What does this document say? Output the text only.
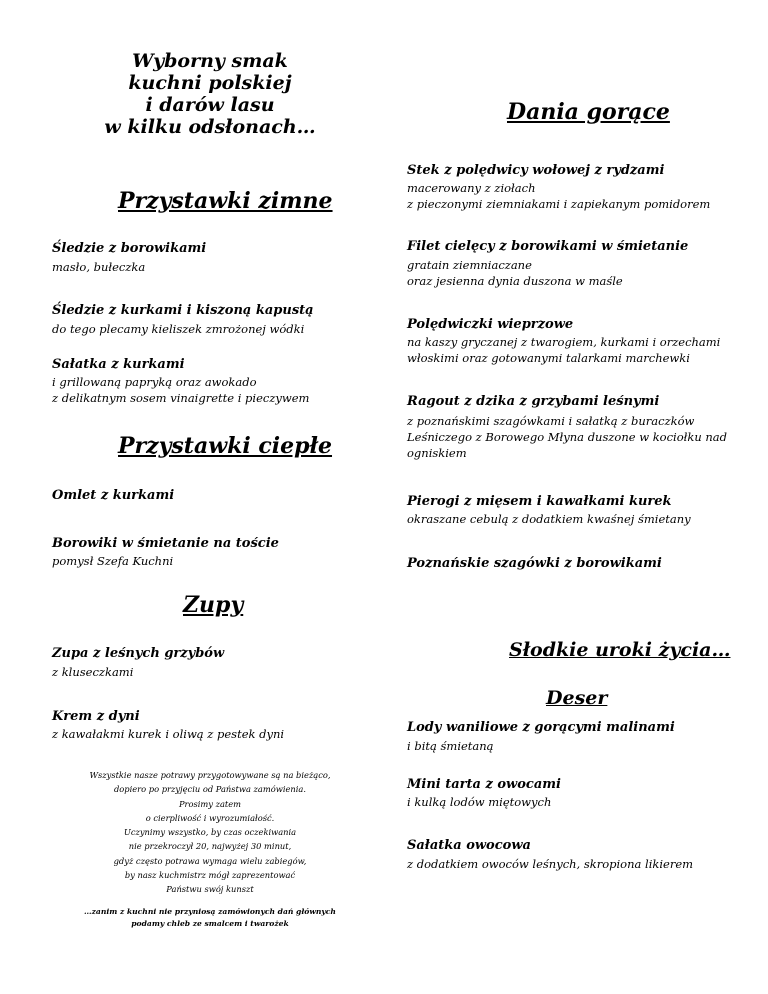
Wyborny smak
kuchni polskiej
i darów lasu
w kilku odsłonach…
Przystawki zimne
Śledzie z borowikami
masło, bułeczka
Śledzie z kurkami i kiszoną kapustą
do tego plecamy kieliszek zmrożonej wódki
Sałatka z kurkami
i grillowaną papryką oraz awokado
z delikatnym sosem vinaigrette i pieczywem
Przystawki ciepłe
Omlet z kurkami
Borowiki w śmietanie na toście
pomysł Szefa Kuchni
Zupy
Zupa z leśnych grzybów
z kluseczkami
Krem z dyni
z kawałakmi kurek i oliwą z pestek dyni
Wszystkie nasze potrawy przygotowywane są na bieżąco,
dopiero po przyjęciu od Państwa zamówienia.
Prosimy zatem
o cierpliwość i wyrozumiałość.
Uczynimy wszystko, by czas oczekiwania
nie przekroczył 20, najwyżej 30 minut,
gdyż często potrawa wymaga wielu zabiegów,
by nasz kuchmistrz mógł zaprezentować
Państwu swój kunszt
…zanim z kuchni nie przyniosą zamówionych dań głównych
podamy chleb ze smalcem i twarożek
Dania gorące
Stek z polędwicy wołowej z rydzami
macerowany z ziołach
z pieczonymi ziemniakami i zapiekanym pomidorem
Filet cielęcy z borowikami w śmietanie
gratain ziemniaczane
oraz jesienna dynia duszona w maśle
Polędwiczki wieprzowe
na kaszy gryczanej z twarogiem, kurkami i orzechami
włoskimi oraz gotowanymi talarkami marchewki
Ragout z dzika z grzybami leśnymi
z poznańskimi szagówkami i sałatką z buraczków
Leśniczego z Borowego Młyna duszone w kociołku nad
ogniskiem
Pierogi z mięsem i kawałkami kurek
okraszane cebulą z dodatkiem kwaśnej śmietany
Poznańskie szagówki z borowikami
Słodkie uroki życia…
Deser
Lody waniliowe z gorącymi malinami
i bitą śmietaną
Mini tarta z owocami
i kulką lodów miętowych
Sałatka owocowa
z dodatkiem owoców leśnych, skropiona likierem
